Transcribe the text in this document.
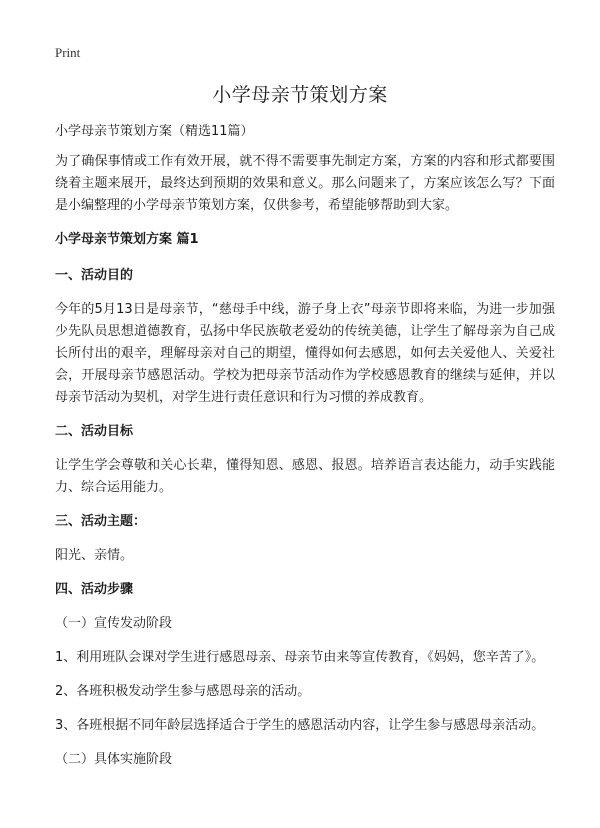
Print
小学母亲节策划方案

小学母亲节策划方案（精选11篇）

为了确保事情或工作有效开展，就不得不需要事先制定方案，方案的内容和形式都要围绕着主题来展开，最终达到预期的效果和意义。那么问题来了，方案应该怎么写？下面是小编整理的小学母亲节策划方案，仅供参考，希望能够帮助到大家。

小学母亲节策划方案 篇1

一、活动目的

今年的5月13日是母亲节，“慈母手中线，游子身上衣”母亲节即将来临，为进一步加强少先队员思想道德教育，弘扬中华民族敬老爱幼的传统美德，让学生了解母亲为自己成长所付出的艰辛，理解母亲对自己的期望，懂得如何去感恩，如何去关爱他人、关爱社会，开展母亲节感恩活动。学校为把母亲节活动作为学校感恩教育的继续与延伸，并以母亲节活动为契机，对学生进行责任意识和行为习惯的养成教育。

二、活动目标

让学生学会尊敬和关心长辈，懂得知恩、感恩、报恩。培养语言表达能力，动手实践能力、综合运用能力。

三、活动主题：

阳光、亲情。

四、活动步骤

（一）宣传发动阶段

1、利用班队会课对学生进行感恩母亲、母亲节由来等宣传教育，《妈妈，您辛苦了》。

2、各班积极发动学生参与感恩母亲的活动。

3、各班根据不同年龄层选择适合于学生的感恩活动内容，让学生参与感恩母亲活动。

（二）具体实施阶段
